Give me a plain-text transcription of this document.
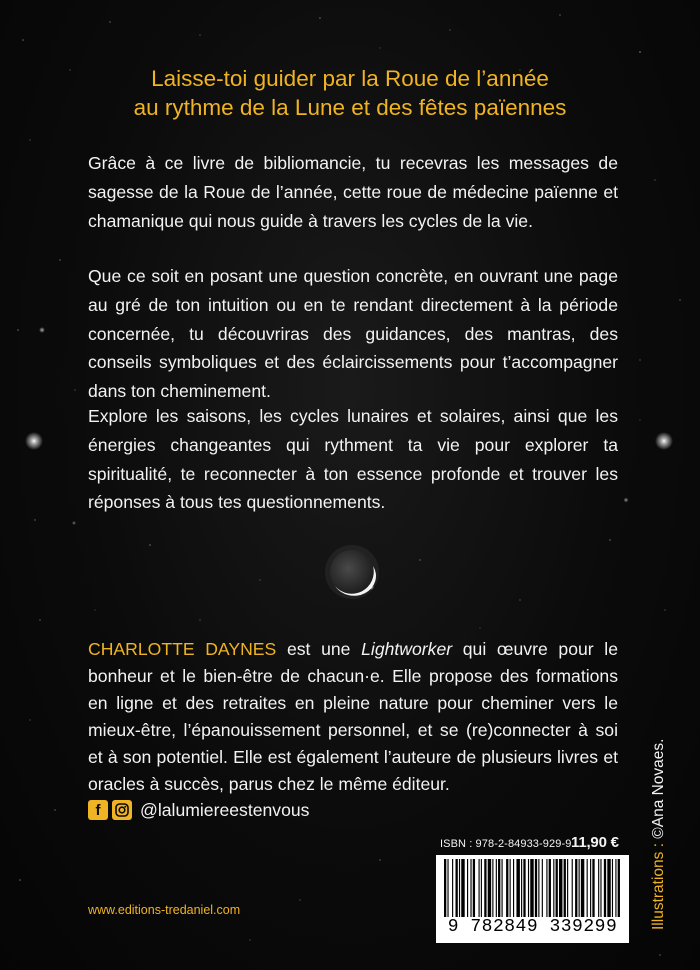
Laisse-toi guider par la Roue de l’année
au rythme de la Lune et des fêtes païennes

Grâce à ce livre de bibliomancie, tu recevras les messages de sagesse de la Roue de l’année, cette roue de médecine païenne et chamanique qui nous guide à travers les cycles de la vie.

Que ce soit en posant une question concrète, en ouvrant une page au gré de ton intuition ou en te rendant directement à la période concernée, tu découvriras des guidances, des mantras, des conseils symboliques et des éclaircissements pour t’accompagner dans ton cheminement.

Explore les saisons, les cycles lunaires et solaires, ainsi que les énergies changeantes qui rythment ta vie pour explorer ta spiritualité, te reconnecter à ton essence profonde et trouver les réponses à tous tes questionnements.

CHARLOTTE DAYNES est une Lightworker qui œuvre pour le bonheur et le bien-être de chacun·e. Elle propose des formations en ligne et des retraites en pleine nature pour cheminer vers le mieux-être, l’épanouissement personnel, et se (re)connecter à soi et à son potentiel. Elle est également l’auteure de plusieurs livres et oracles à succès, parus chez le même éditeur.

f	@lalumiereestenvous
www.editions-tredaniel.com	Illustrations : ©Ana Novaes.
ISBN : 978-2-84933-929-9 11,90 €
9 782849 339299
